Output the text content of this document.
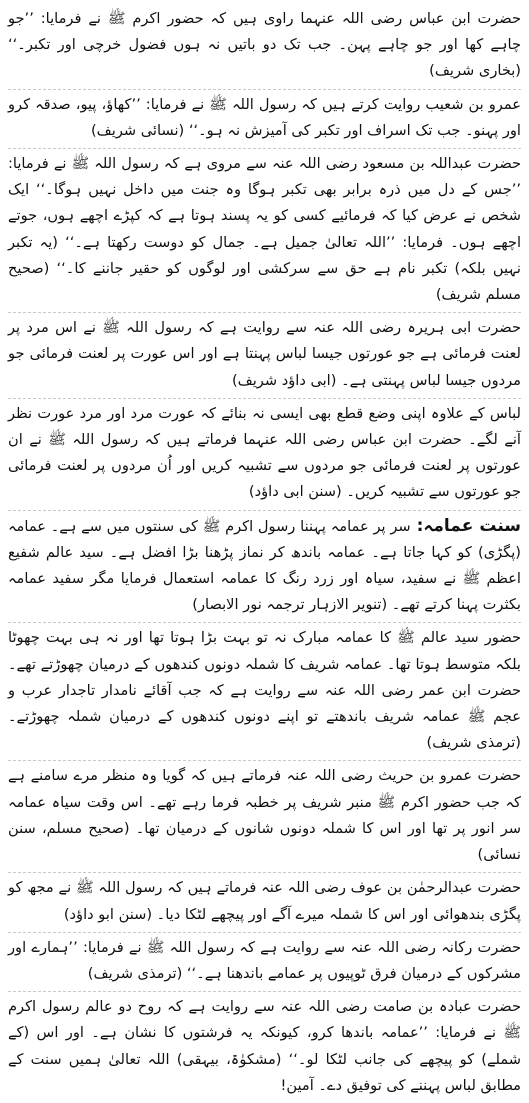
حضرت ابن عباس رضی اللہ عنہما راوی ہیں کہ حضور اکرم ﷺ نے فرمایا: ’’جو چاہے کھا اور جو چاہے پہن۔ جب تک دو باتیں نہ ہوں فضول خرچی اور تکبر۔‘‘ (بخاری شریف)

عمرو بن شعیب روایت کرتے ہیں کہ رسول اللہ ﷺ نے فرمایا: ’’کھاؤ، پیو، صدقہ کرو اور پہنو۔ جب تک اسراف اور تکبر کی آمیزش نہ ہو۔‘‘ (نسائی شریف)

حضرت عبداللہ بن مسعود رضی اللہ عنہ سے مروی ہے کہ رسول اللہ ﷺ نے فرمایا: ’’جس کے دل میں ذرہ برابر بھی تکبر ہوگا وہ جنت میں داخل نہیں ہوگا۔‘‘ ایک شخص نے عرض کیا کہ فرمائیے کسی کو یہ پسند ہوتا ہے کہ کپڑے اچھے ہوں، جوتے اچھے ہوں۔ فرمایا: ’’اللہ تعالیٰ جمیل ہے۔ جمال کو دوست رکھتا ہے۔‘‘ (یہ تکبر نہیں بلکہ) تکبر نام ہے حق سے سرکشی اور لوگوں کو حقیر جاننے کا۔‘‘ (صحیح مسلم شریف)

حضرت ابی ہریرہ رضی اللہ عنہ سے روایت ہے کہ رسول اللہ ﷺ نے اس مرد پر لعنت فرمائی ہے جو عورتوں جیسا لباس پہنتا ہے اور اس عورت پر لعنت فرمائی جو مردوں جیسا لباس پہنتی ہے۔ (ابی داؤد شریف)

لباس کے علاوہ اپنی وضع قطع بھی ایسی نہ بنائے کہ عورت مرد اور مرد عورت نظر آنے لگے۔ حضرت ابن عباس رضی اللہ عنہما فرماتے ہیں کہ رسول اللہ ﷺ نے ان عورتوں پر لعنت فرمائی جو مردوں سے تشبیہ کریں اور اُن مردوں پر لعنت فرمائی جو عورتوں سے تشبیہ کریں۔ (سنن ابی داؤد)

سنت عمامہ:سر پر عمامہ پہننا رسول اکرم ﷺ کی سنتوں میں سے ہے۔ عمامہ (پگڑی) کو کہا جاتا ہے۔ عمامہ باندھ کر نماز پڑھنا بڑا افضل ہے۔ سید عالم شفیع اعظم ﷺ نے سفید، سیاہ اور زرد رنگ کا عمامہ استعمال فرمایا مگر سفید عمامہ بکثرت پہنا کرتے تھے۔ (تنویر الازہار ترجمہ نور الابصار)

حضور سید عالم ﷺ کا عمامہ مبارک نہ تو بہت بڑا ہوتا تھا اور نہ ہی بہت چھوٹا بلکہ متوسط ہوتا تھا۔ عمامہ شریف کا شملہ دونوں کندھوں کے درمیان چھوڑتے تھے۔ حضرت ابن عمر رضی اللہ عنہ سے روایت ہے کہ جب آقائے نامدار تاجدار عرب و عجم ﷺ عمامہ شریف باندھتے تو اپنے دونوں کندھوں کے درمیان شملہ چھوڑتے۔ (ترمذی شریف)

حضرت عمرو بن حریث رضی اللہ عنہ فرماتے ہیں کہ گویا وہ منظر مرے سامنے ہے کہ جب حضور اکرم ﷺ منبر شریف پر خطبہ فرما رہے تھے۔ اس وقت سیاہ عمامہ سر انور پر تھا اور اس کا شملہ دونوں شانوں کے درمیان تھا۔ (صحیح مسلم، سنن نسائی)

حضرت عبدالرحمٰن بن عوف رضی اللہ عنہ فرماتے ہیں کہ رسول اللہ ﷺ نے مجھ کو پگڑی بندھوائی اور اس کا شملہ میرے آگے اور پیچھے لٹکا دیا۔ (سنن ابو داؤد)

حضرت رکانہ رضی اللہ عنہ سے روایت ہے کہ رسول اللہ ﷺ نے فرمایا: ’’ہمارے اور مشرکوں کے درمیان فرق ٹوپیوں پر عمامے باندھنا ہے۔‘‘ (ترمذی شریف)

حضرت عبادہ بن صامت رضی اللہ عنہ سے روایت ہے کہ روح دو عالم رسول اکرم ﷺ نے فرمایا: ’’عمامہ باندھا کرو، کیونکہ یہ فرشتوں کا نشان ہے۔ اور اس (کے شملے) کو پیچھے کی جانب لٹکا لو۔‘‘ (مشکوٰۃ، بیہقی) اللہ تعالیٰ ہمیں سنت کے مطابق لباس پہننے کی توفیق دے۔ آمین!
